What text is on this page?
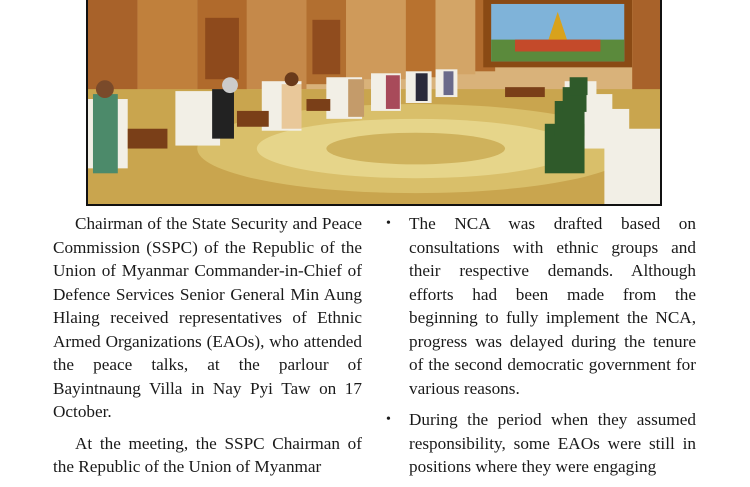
Chairman of the State Security and Peace Commission (SSPC) of the Republic of the Union of Myanmar Commander-in-Chief of Defence Services Senior General Min Aung Hlaing received representatives of Ethnic Armed Organizations (EAOs), who attended the peace talks, at the parlour of Bayintnaung Villa in Nay Pyi Taw on 17 October.

At the meeting, the SSPC Chairman of the Republic of the Union of Myanmar

• The NCA was drafted based on consultations with ethnic groups and their respective demands. Although efforts had been made from the beginning to fully implement the NCA, progress was delayed during the tenure of the second democratic government for various reasons.
• During the period when they assumed responsibility, some EAOs were still in positions where they were engaging
